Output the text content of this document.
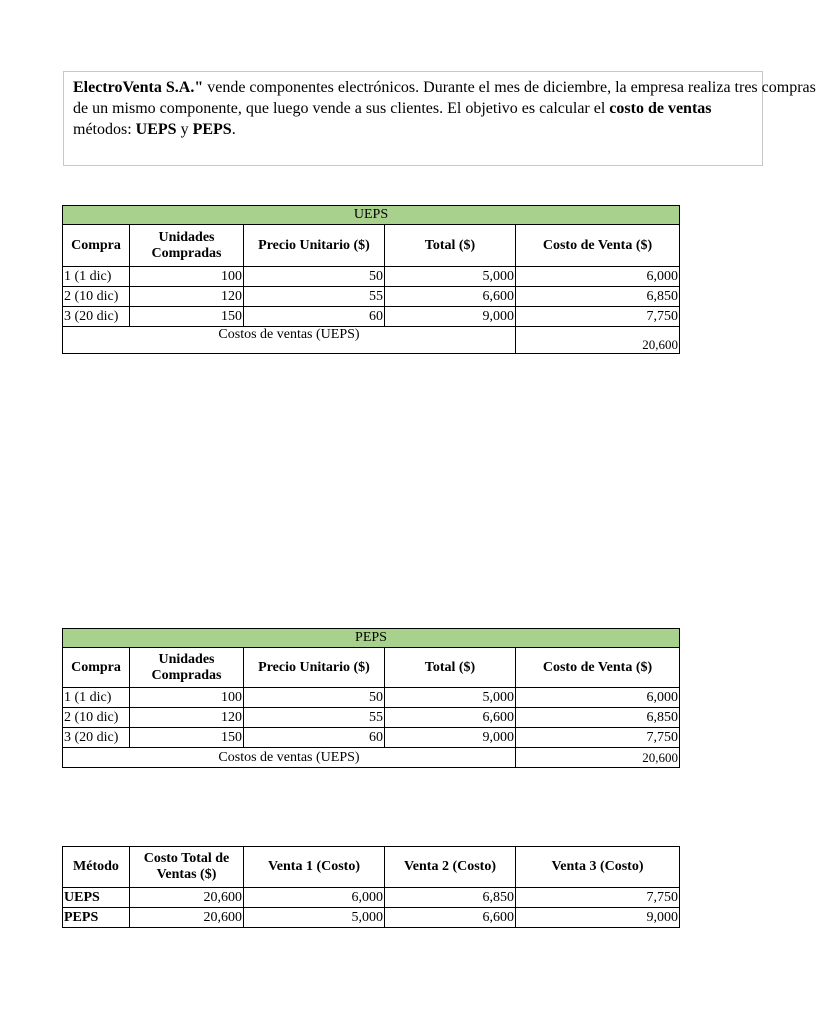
ElectroVenta S.A." vende componentes electrónicos. Durante el mes de diciembre, la empresa realiza tres compras

de un mismo componente, que luego vende a sus clientes. El objetivo es calcular el costo de ventas

métodos: UEPS y PEPS.

UEPS				
Compra	Unidades Compradas	Precio Unitario ($)	Total ($)	Costo de Venta ($)
1 (1 dic)	100	50	5,000	6,000
2 (10 dic)	120	55	6,600	6,850
3 (20 dic)	150	60	9,000	7,750
Costos de ventas (UEPS)				20,600
PEPS				
Compra	Unidades Compradas	Precio Unitario ($)	Total ($)	Costo de Venta ($)
1 (1 dic)	100	50	5,000	6,000
2 (10 dic)	120	55	6,600	6,850
3 (20 dic)	150	60	9,000	7,750
Costos de ventas (UEPS)				20,600
Método	Costo Total de Ventas ($)	Venta 1 (Costo)	Venta 2 (Costo)	Venta 3 (Costo)
UEPS	20,600	6,000	6,850	7,750
PEPS	20,600	5,000	6,600	9,000
